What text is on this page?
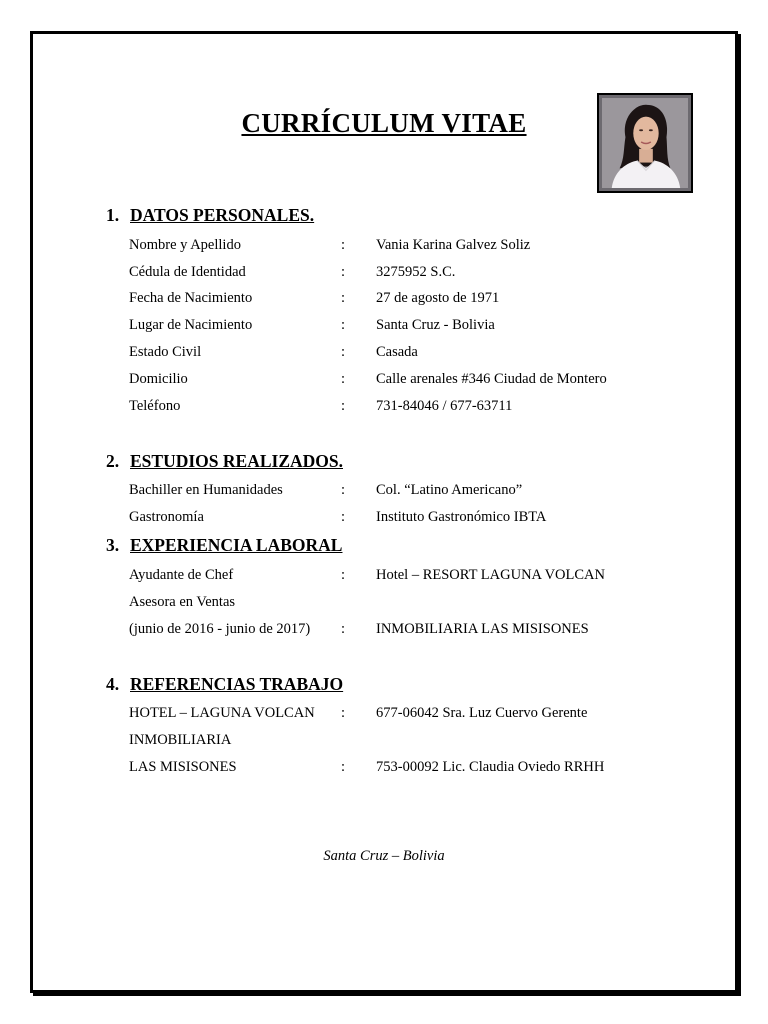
CURRÍCULUM VITAE
1. DATOS PERSONALES.
Nombre y Apellido	: Vania Karina Galvez Soliz
Cédula de Identidad	: 3275952 S.C.
Fecha de Nacimiento	: 27 de agosto de 1971
Lugar de Nacimiento	: Santa Cruz - Bolivia
Estado Civil	: Casada
Domicilio	: Calle arenales #346 Ciudad de Montero
Teléfono	: 731-84046 / 677-63711
2. ESTUDIOS REALIZADOS.
Bachiller en Humanidades	: Col. “Latino Americano”
Gastronomía	: Instituto Gastronómico IBTA
3. EXPERIENCIA LABORAL
Ayudante de Chef	: Hotel – RESORT LAGUNA VOLCAN
Asesora en Ventas
(junio de 2016 - junio de 2017) : INMOBILIARIA LAS MISISONES
4. REFERENCIAS TRABAJO
HOTEL – LAGUNA VOLCAN : 677-06042 Sra. Luz Cuervo Gerente
INMOBILIARIA
LAS MISISONES	: 753-00092 Lic. Claudia Oviedo RRHH
Santa Cruz – Bolivia
